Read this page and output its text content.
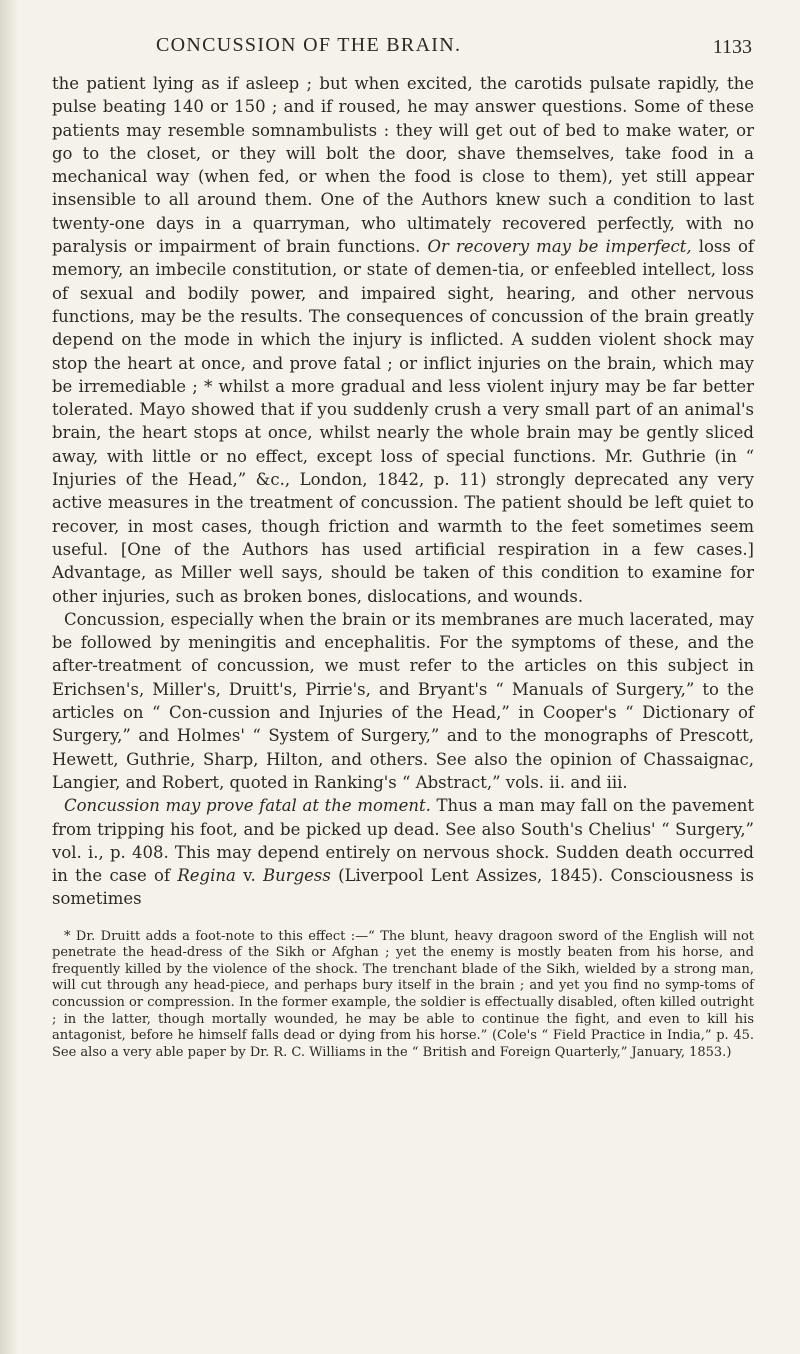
CONCUSSION OF THE BRAIN.	1133

the patient lying as if asleep ; but when excited, the carotids pulsate rapidly, the pulse beating 140 or 150 ; and if roused, he may answer questions. Some of these patients may resemble somnambulists : they will get out of bed to make water, or go to the closet, or they will bolt the door, shave themselves, take food in a mechanical way (when fed, or when the food is close to them), yet still appear insensible to all around them. One of the Authors knew such a condition to last twenty-one days in a quarryman, who ultimately recovered perfectly, with no paralysis or impairment of brain functions. Or recovery may be imperfect, loss of memory, an imbecile constitution, or state of demen-tia, or enfeebled intellect, loss of sexual and bodily power, and impaired sight, hearing, and other nervous functions, may be the results. The consequences of concussion of the brain greatly depend on the mode in which the injury is inflicted. A sudden violent shock may stop the heart at once, and prove fatal ; or inflict injuries on the brain, which may be irremediable ; * whilst a more gradual and less violent injury may be far better tolerated. Mayo showed that if you suddenly crush a very small part of an animal's brain, the heart stops at once, whilst nearly the whole brain may be gently sliced away, with little or no effect, except loss of special functions. Mr. Guthrie (in “ Injuries of the Head,” &c., London, 1842, p. 11) strongly deprecated any very active measures in the treatment of concussion. The patient should be left quiet to recover, in most cases, though friction and warmth to the feet sometimes seem useful. [One of the Authors has used artificial respiration in a few cases.] Advantage, as Miller well says, should be taken of this condition to examine for other injuries, such as broken bones, dislocations, and wounds.

Concussion, especially when the brain or its membranes are much lacerated, may be followed by meningitis and encephalitis. For the symptoms of these, and the after-treatment of concussion, we must refer to the articles on this subject in Erichsen's, Miller's, Druitt's, Pirrie's, and Bryant's “ Manuals of Surgery,” to the articles on “ Con-cussion and Injuries of the Head,” in Cooper's “ Dictionary of Surgery,” and Holmes' “ System of Surgery,” and to the monographs of Prescott, Hewett, Guthrie, Sharp, Hilton, and others. See also the opinion of Chassaignac, Langier, and Robert, quoted in Ranking's “ Abstract,” vols. ii. and iii.

Concussion may prove fatal at the moment. Thus a man may fall on the pavement from tripping his foot, and be picked up dead. See also South's Chelius' “ Surgery,” vol. i., p. 408. This may depend entirely on nervous shock. Sudden death occurred in the case of Regina v. Burgess (Liverpool Lent Assizes, 1845). Consciousness is sometimes

* Dr. Druitt adds a foot-note to this effect :—“ The blunt, heavy dragoon sword of the English will not penetrate the head-dress of the Sikh or Afghan ; yet the enemy is mostly beaten from his horse, and frequently killed by the violence of the shock. The trenchant blade of the Sikh, wielded by a strong man, will cut through any head-piece, and perhaps bury itself in the brain ; and yet you find no symp-toms of concussion or compression. In the former example, the soldier is effectually disabled, often killed outright ; in the latter, though mortally wounded, he may be able to continue the fight, and even to kill his antagonist, before he himself falls dead or dying from his horse.” (Cole's “ Field Practice in India,” p. 45. See also a very able paper by Dr. R. C. Williams in the “ British and Foreign Quarterly,” January, 1853.)
